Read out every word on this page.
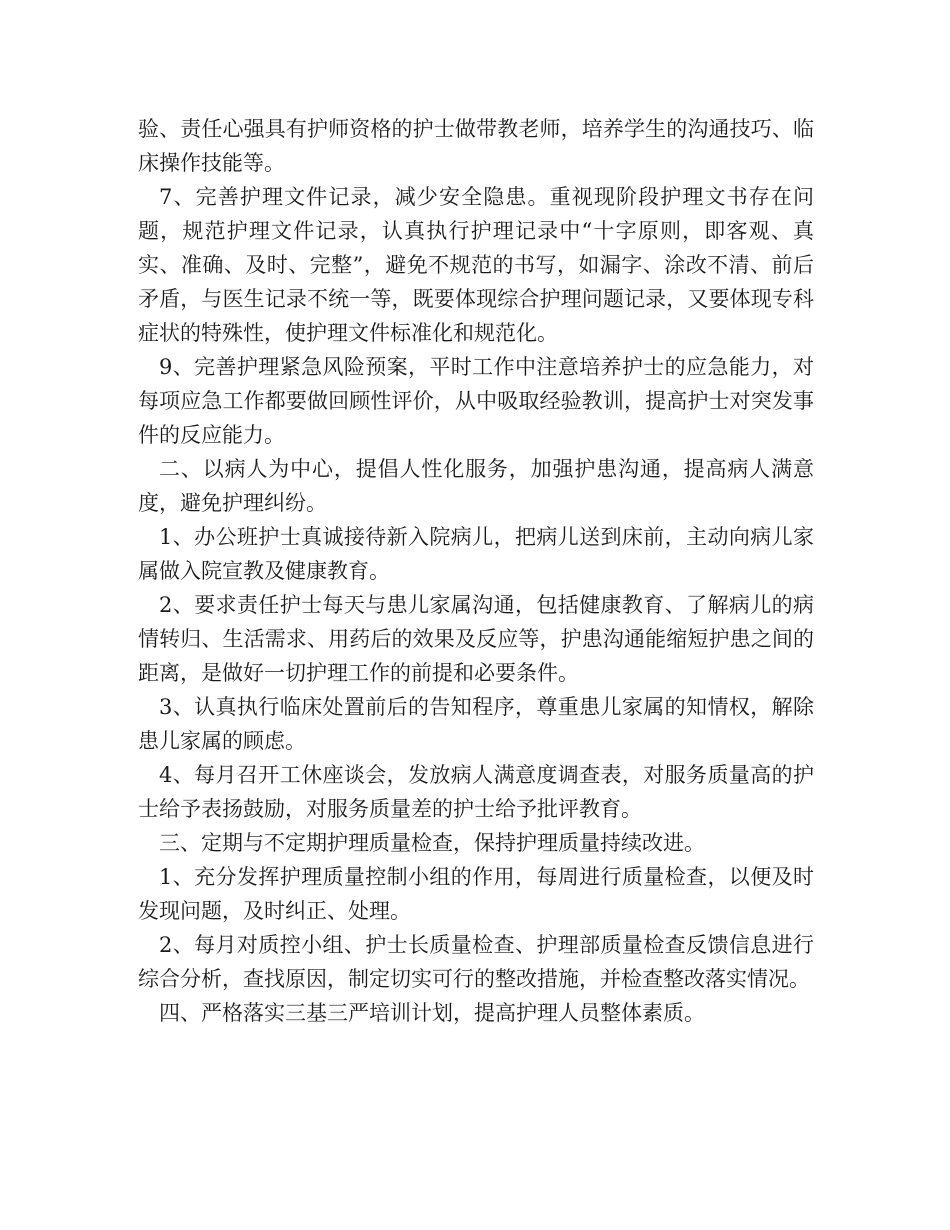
验、责任心强具有护师资格的护士做带教老师，培养学生的沟通技巧、临床操作技能等。

7、完善护理文件记录，减少安全隐患。重视现阶段护理文书存在问题，规范护理文件记录，认真执行护理记录中“十字原则，即客观、真实、准确、及时、完整”，避免不规范的书写，如漏字、涂改不清、前后矛盾，与医生记录不统一等，既要体现综合护理问题记录，又要体现专科症状的特殊性，使护理文件标准化和规范化。

9、完善护理紧急风险预案，平时工作中注意培养护士的应急能力，对每项应急工作都要做回顾性评价，从中吸取经验教训，提高护士对突发事件的反应能力。

二、以病人为中心，提倡人性化服务，加强护患沟通，提高病人满意度，避免护理纠纷。

1、办公班护士真诚接待新入院病儿，把病儿送到床前，主动向病儿家属做入院宣教及健康教育。

2、要求责任护士每天与患儿家属沟通，包括健康教育、了解病儿的病情转归、生活需求、用药后的效果及反应等，护患沟通能缩短护患之间的距离，是做好一切护理工作的前提和必要条件。

3、认真执行临床处置前后的告知程序，尊重患儿家属的知情权，解除患儿家属的顾虑。

4、每月召开工休座谈会，发放病人满意度调查表，对服务质量高的护士给予表扬鼓励，对服务质量差的护士给予批评教育。

三、定期与不定期护理质量检查，保持护理质量持续改进。

1、充分发挥护理质量控制小组的作用，每周进行质量检查，以便及时发现问题，及时纠正、处理。

2、每月对质控小组、护士长质量检查、护理部质量检查反馈信息进行综合分析，查找原因，制定切实可行的整改措施，并检查整改落实情况。

四、严格落实三基三严培训计划，提高护理人员整体素质。
